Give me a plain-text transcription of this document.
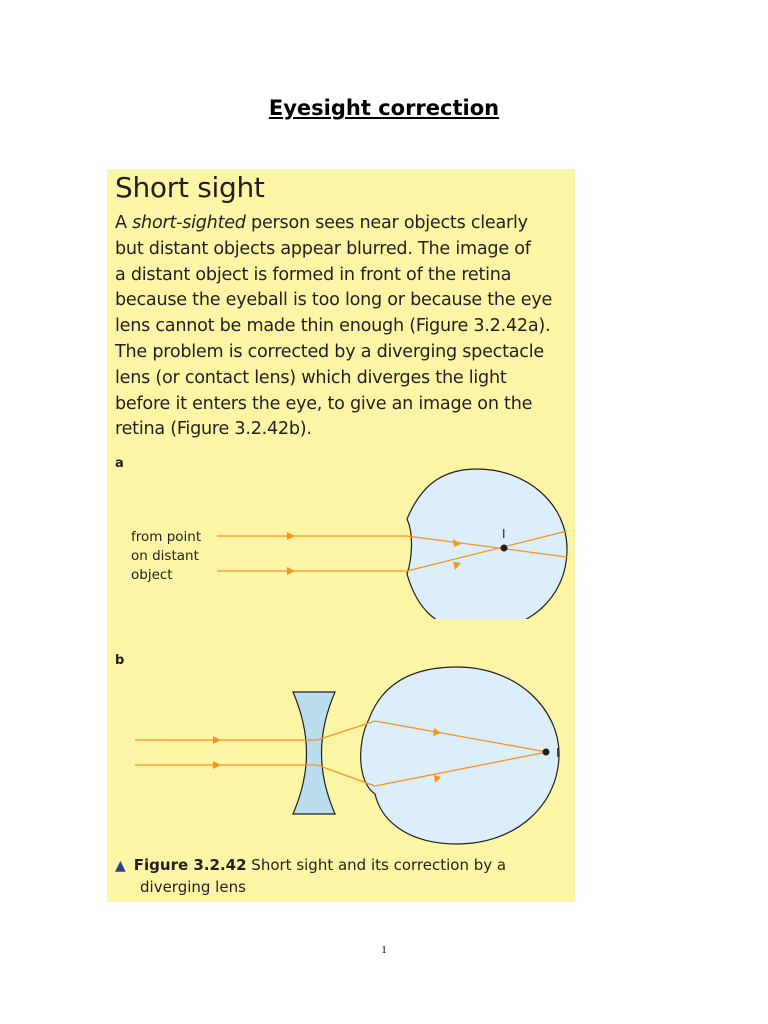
Eyesight correction
Short sight
A short-sighted person sees near objects clearly
but distant objects appear blurred. The image of
a distant object is formed in front of the retina
because the eyeball is too long or because the eye
lens cannot be made thin enough (Figure 3.2.42a).
The problem is corrected by a diverging spectacle
lens (or contact lens) which diverges the light
before it enters the eye, to give an image on the
retina (Figure 3.2.42b).
a
I
from point
on distant
object
b
I
▲ Figure 3.2.42 Short sight and its correction by a
diverging lens
1
